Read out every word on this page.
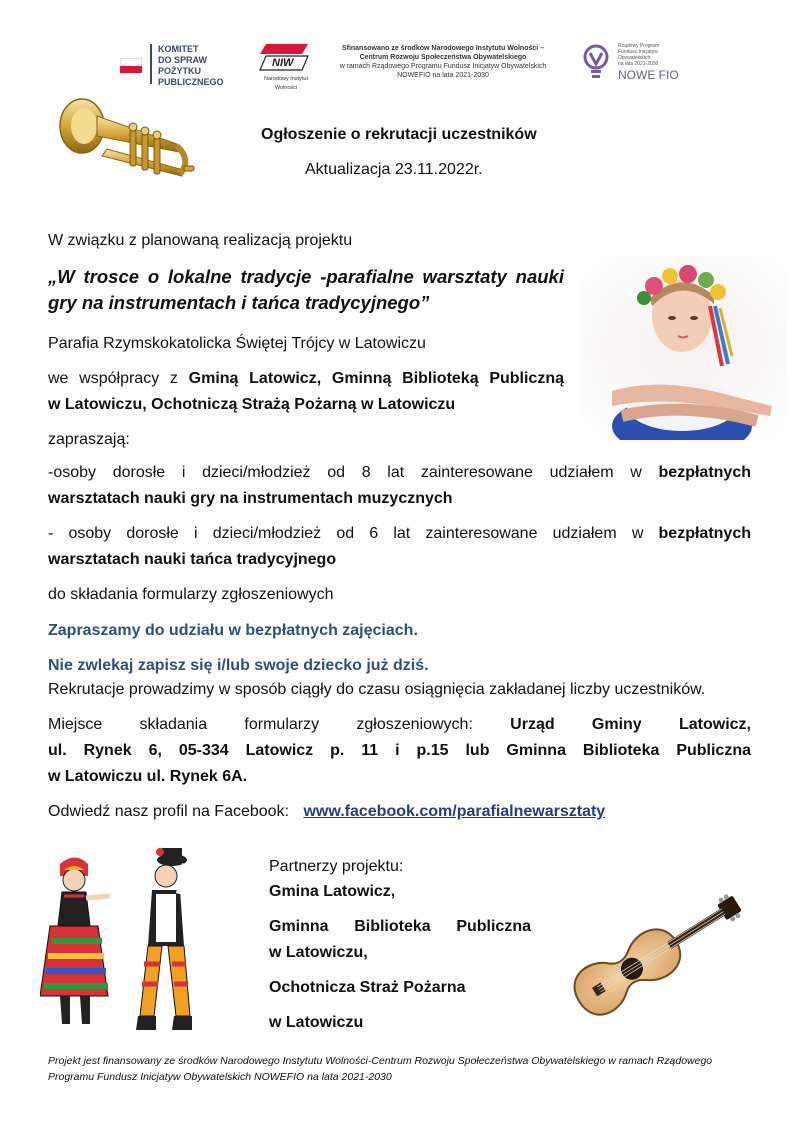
KOMITET
DO SPRAW
POŻYTKU
PUBLICZNEGO
NIW
Narodowy Instytut Wolności
Sfinansowano ze środków Narodowego Instytutu Wolności –
Centrum Rozwoju Społeczeństwa Obywatelskiego
w ramach Rządowego Programu Fundusz Inicjatyw Obywatelskich
NOWEFIO na lata 2021-2030
Rządowy Program
Fundusz Inicjatyw
Obywatelskich
na lata 2021-2030
NOWE FIO
Ogłoszenie o rekrutacji uczestników
Aktualizacja 23.11.2022r.
W związku z planowaną realizacją projektu
„W trosce o lokalne tradycje -parafialne warsztaty nauki
gry na instrumentach i tańca tradycyjnego”
Parafia Rzymskokatolicka Świętej Trójcy w Latowiczu
we współpracy z Gminą Latowicz, Gminną Biblioteką Publiczną
w Latowiczu, Ochotniczą Strażą Pożarną w Latowiczu
zapraszają:
-osoby dorosłe i dzieci/młodzież od 8 lat zainteresowane udziałem w bezpłatnych
warsztatach nauki gry na instrumentach muzycznych
- osoby dorosłe i dzieci/młodzież od 6 lat zainteresowane udziałem w bezpłatnych
warsztatach nauki tańca tradycyjnego
do składania formularzy zgłoszeniowych
Zapraszamy do udziału w bezpłatnych zajęciach.
Nie zwlekaj zapisz się i/lub swoje dziecko już dziś.
Rekrutacje prowadzimy w sposób ciągły do czasu osiągnięcia zakładanej liczby uczestników.
Miejsce składania formularzy zgłoszeniowych: Urząd Gminy Latowicz,
ul. Rynek 6, 05-334 Latowicz p. 11 i p.15 lub Gminna Biblioteka Publiczna
w Latowiczu ul. Rynek 6A.
Odwiedź nasz profil na Facebook: www.facebook.com/parafialnewarsztaty
Partnerzy projektu:
Gmina Latowicz,
Gminna Biblioteka Publiczna
w Latowiczu,
Ochotnicza Straż Pożarna
w Latowiczu
Projekt jest finansowany ze środków Narodowego Instytutu Wolności-Centrum Rozwoju Społeczeństwa Obywatelskiego w ramach Rządowego
Programu Fundusz Inicjatyw Obywatelskich NOWEFIO na lata 2021-2030
